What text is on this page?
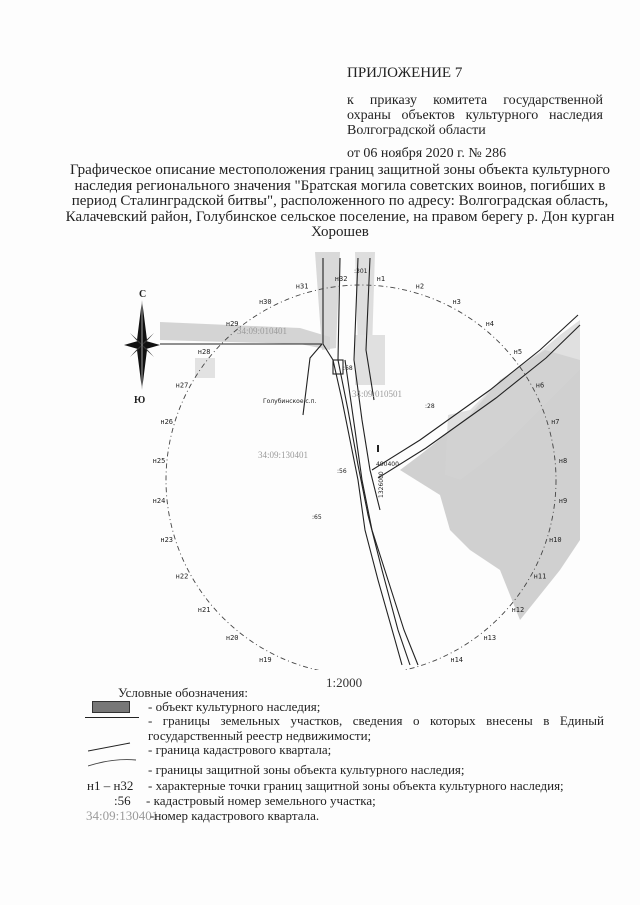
ПРИЛОЖЕНИЕ 7
к приказу комитета государственной охраны объектов культурного наследия Волгоградской области
от 06 ноября 2020 г. № 286
Графическое описание местоположения границ защитной зоны объекта культурного наследия регионального значения "Братская могила советских воинов, погибших в период Сталинградской битвы", расположенного по адресу: Волгоградская область, Калачевский район, Голубинское сельское поселение, на правом берегу р. Дон курган Хорошев
н1
н2
н3
н4
н5
н6
н7
н8
н9
н10
н11
н12
н13
н14
н19
н20
н21
н22
н23
н24
н25
н26
н27
н28
н29
н30
н31
н32
34:09:010401
34:09:010501
34:09:130401
:301
:68
:28
:56
:65
Голубинское с.п.
490400
1326000
С
Ю
1:2000
Условные обозначения:
- объект культурного наследия;
- границы земельных участков, сведения о которых внесены в Единый государственный реестр недвижимости;
- граница кадастрового квартала;
- границы защитной зоны объекта культурного наследия;
н1 – н32 - характерные точки границ защитной зоны объекта культурного наследия;
:56 - кадастровый номер земельного участка;
34:09:130401
-номер кадастрового квартала.
